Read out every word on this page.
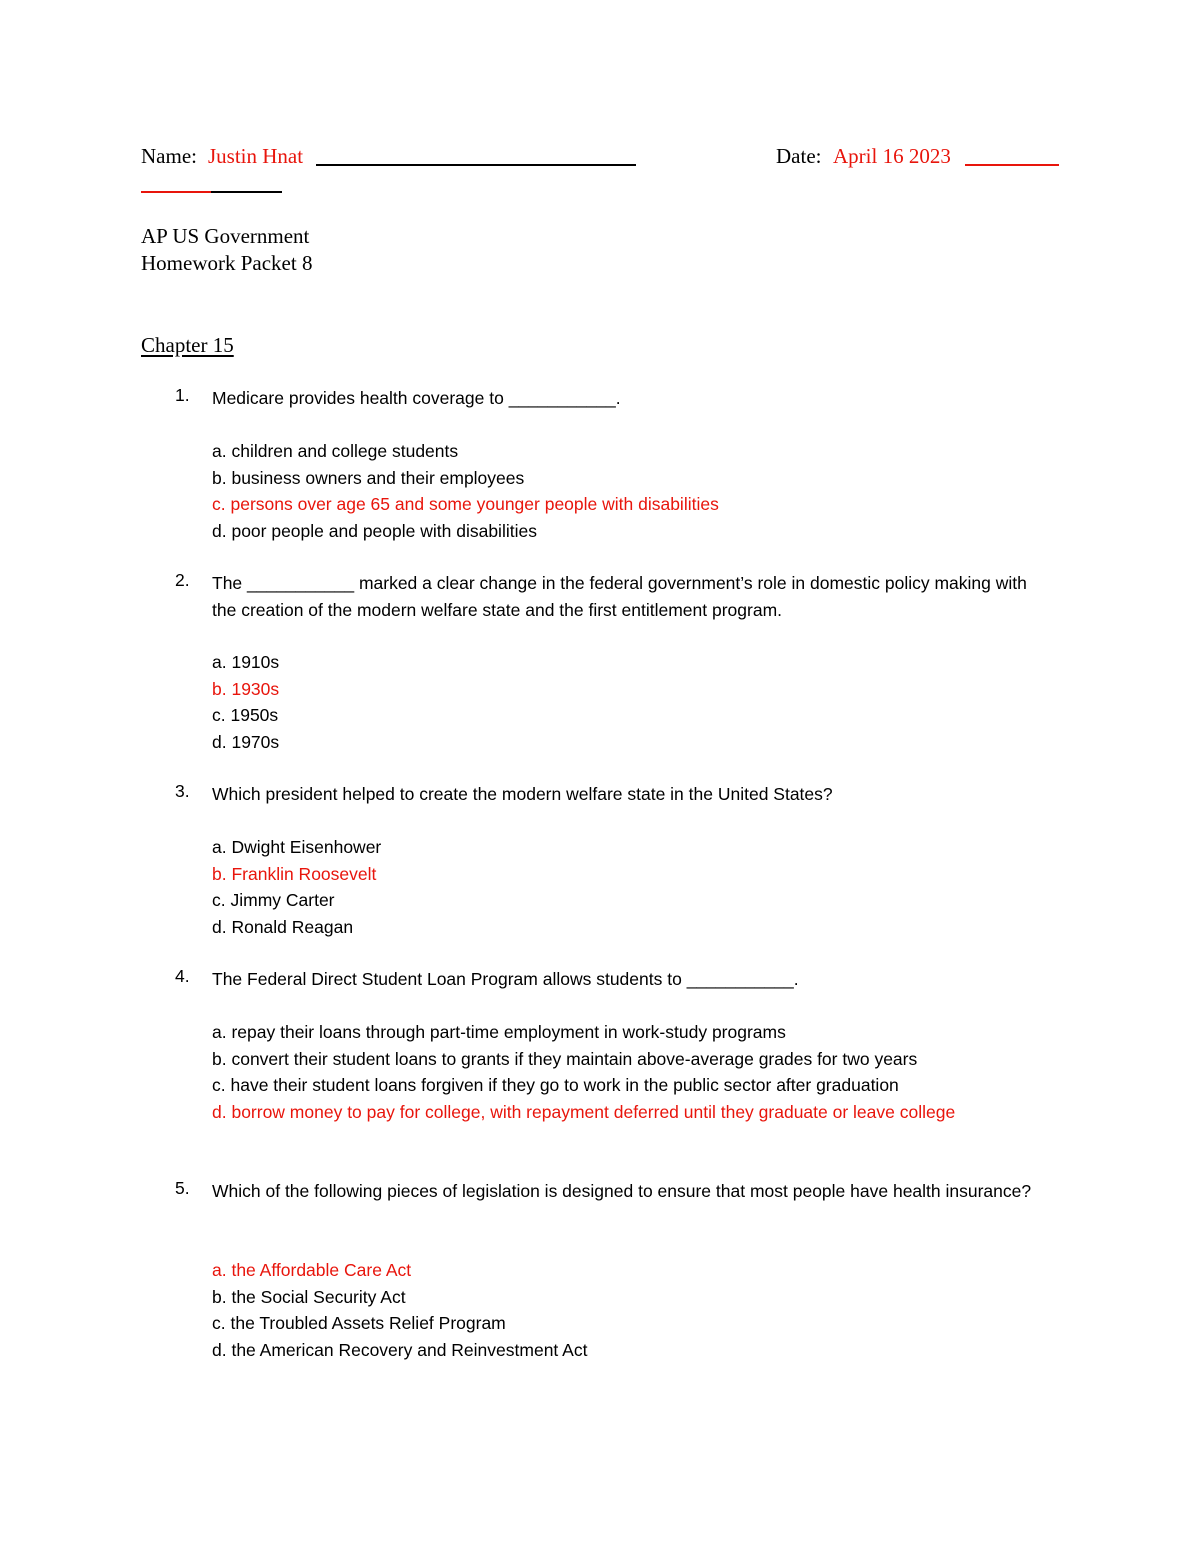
Name: Justin Hnat	Date: April 16 2023
AP US Government
Homework Packet 8
Chapter 15
1.	Medicare provides health coverage to ___________.
a. children and college students
b. business owners and their employees
c. persons over age 65 and some younger people with disabilities
d. poor people and people with disabilities
2.	The ___________ marked a clear change in the federal government’s role in domestic policy making with the creation of the modern welfare state and the first entitlement program.
a. 1910s
b. 1930s
c. 1950s
d. 1970s
3.	Which president helped to create the modern welfare state in the United States?
a. Dwight Eisenhower
b. Franklin Roosevelt
c. Jimmy Carter
d. Ronald Reagan
4.	The Federal Direct Student Loan Program allows students to ___________.
a. repay their loans through part-time employment in work-study programs
b. convert their student loans to grants if they maintain above-average grades for two years
c. have their student loans forgiven if they go to work in the public sector after graduation
d. borrow money to pay for college, with repayment deferred until they graduate or leave college
5.	Which of the following pieces of legislation is designed to ensure that most people have health insurance?
a. the Affordable Care Act
b. the Social Security Act
c. the Troubled Assets Relief Program
d. the American Recovery and Reinvestment Act
